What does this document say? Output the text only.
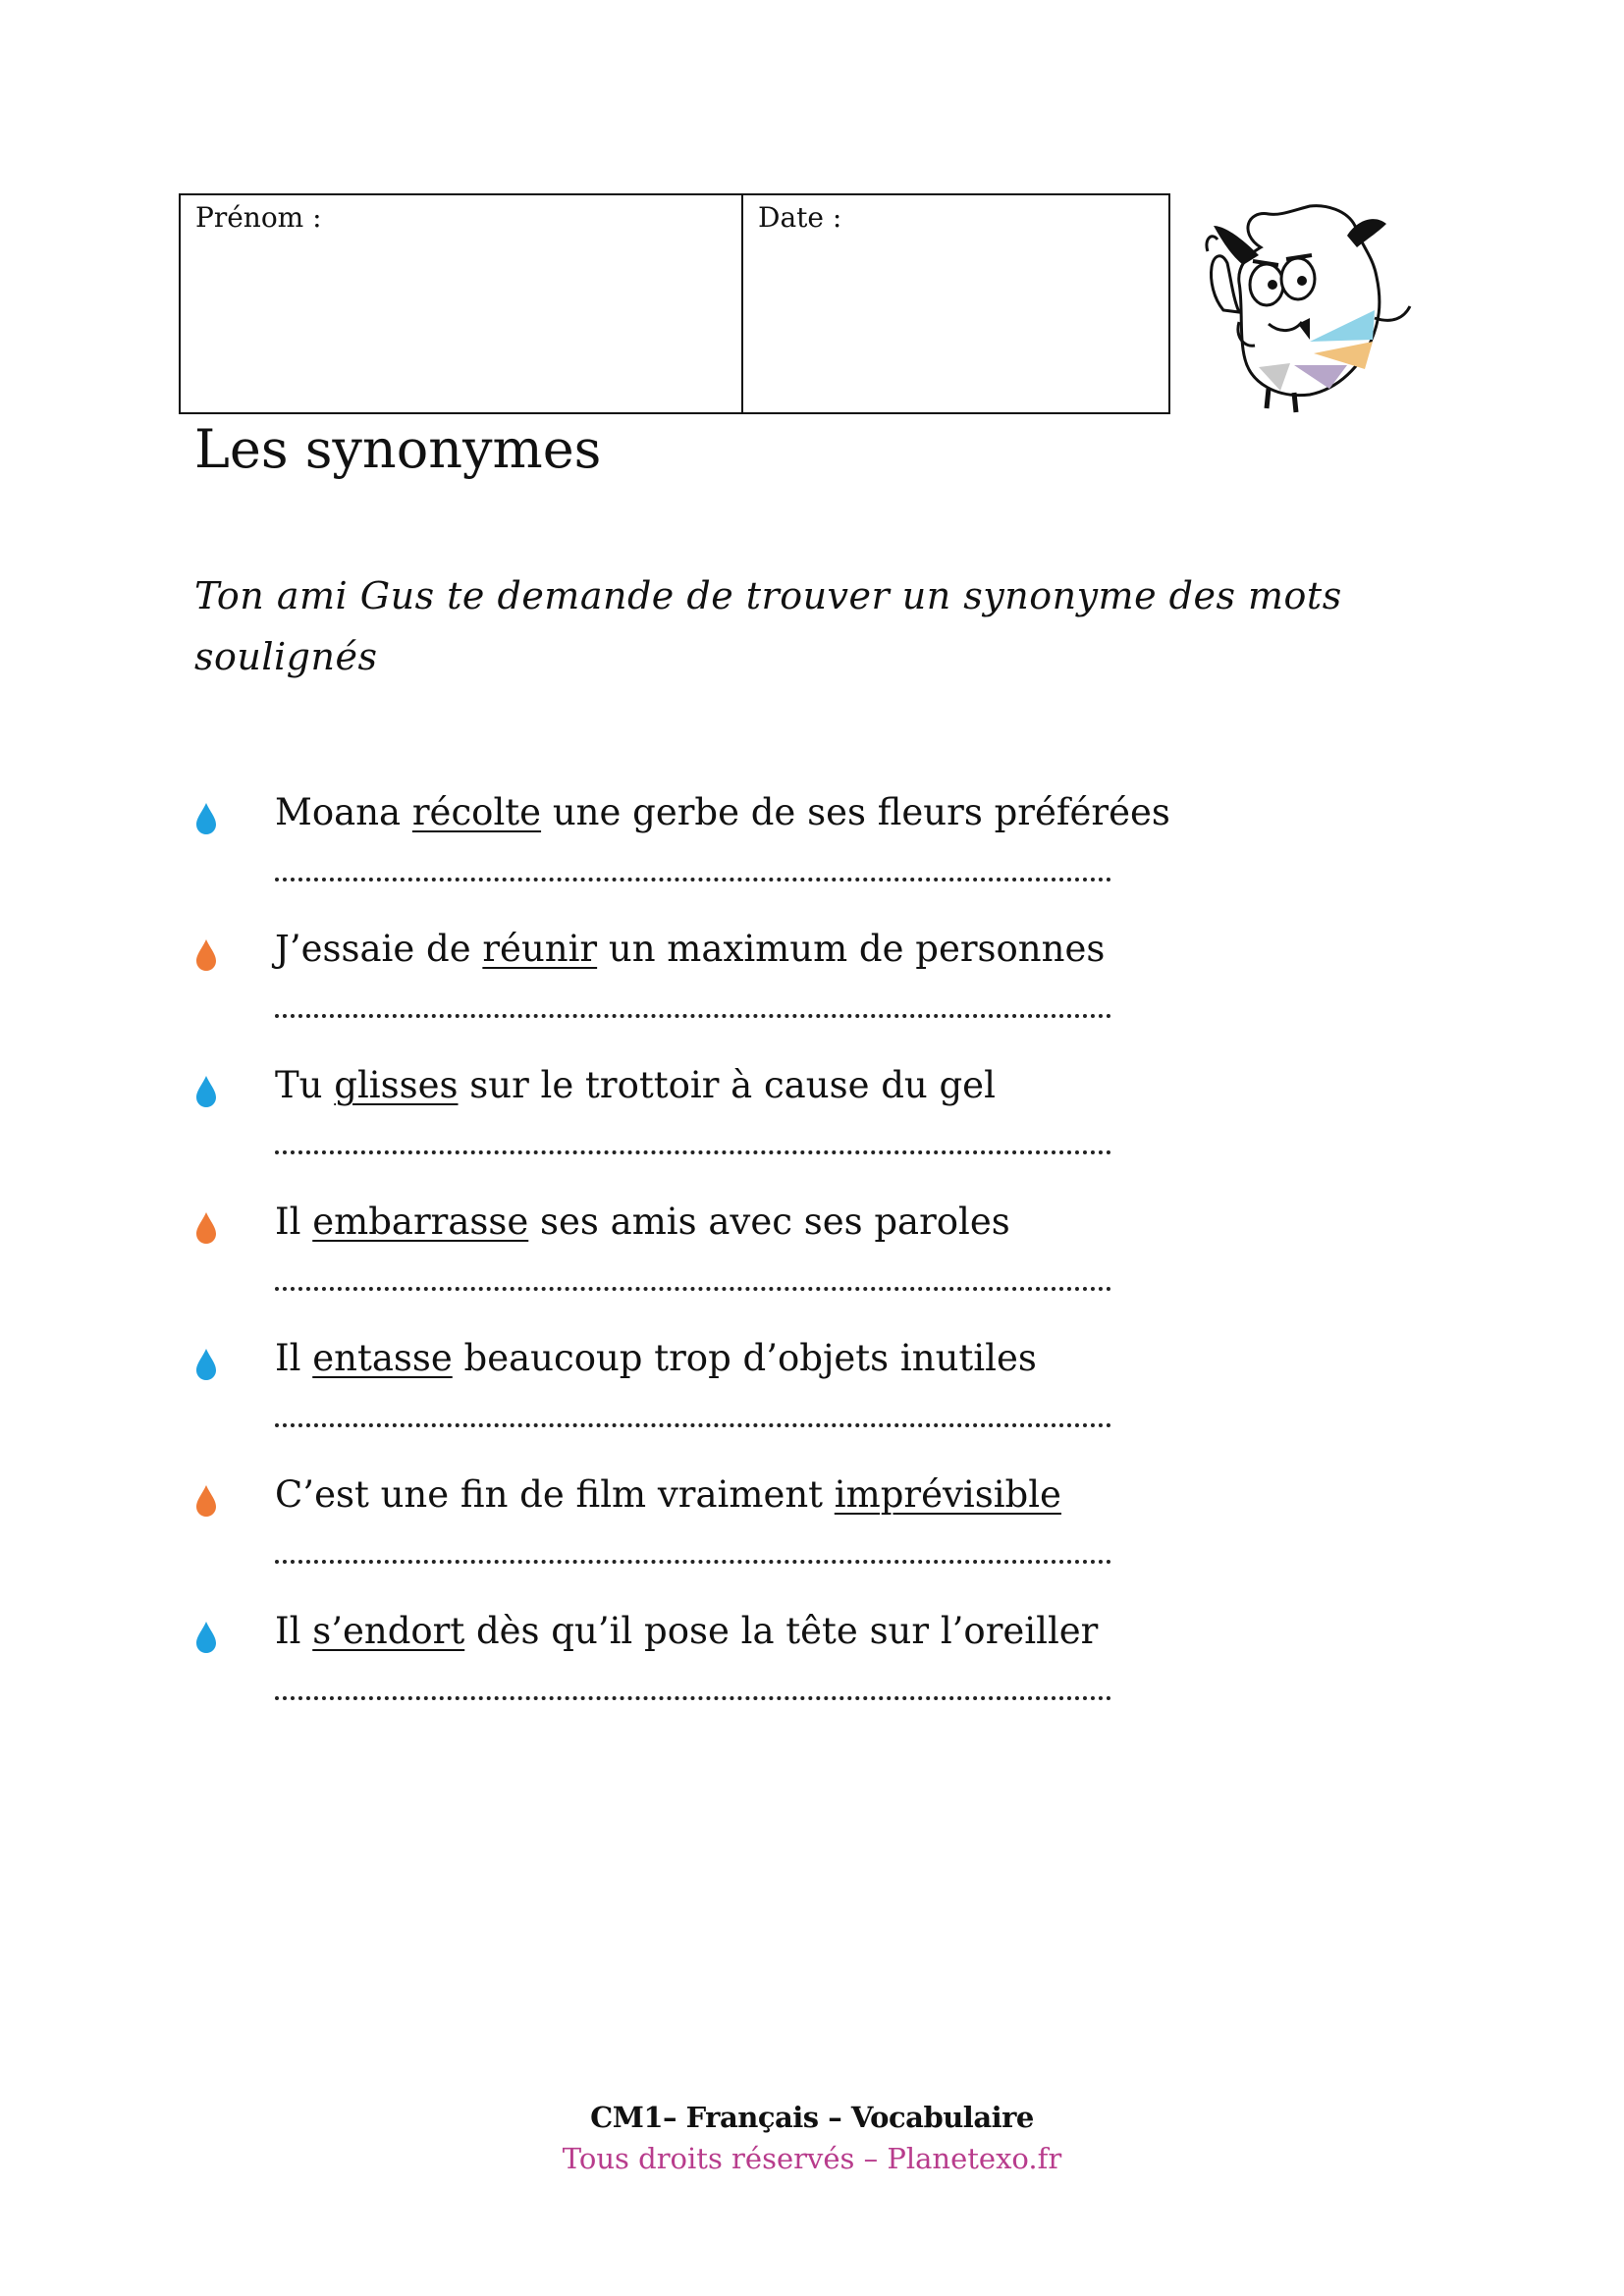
Prénom :	Date :
Les synonymes
Ton ami Gus te demande de trouver un synonyme des mots soulignés
Moana récolte une gerbe de ses fleurs préférées
J’essaie de réunir un maximum de personnes
Tu glisses sur le trottoir à cause du gel
Il embarrasse ses amis avec ses paroles
Il entasse beaucoup trop d’objets inutiles
C’est une fin de film vraiment imprévisible
Il s’endort dès qu’il pose la tête sur l’oreiller
CM1– Français – Vocabulaire
Tous droits réservés – Planetexo.fr
